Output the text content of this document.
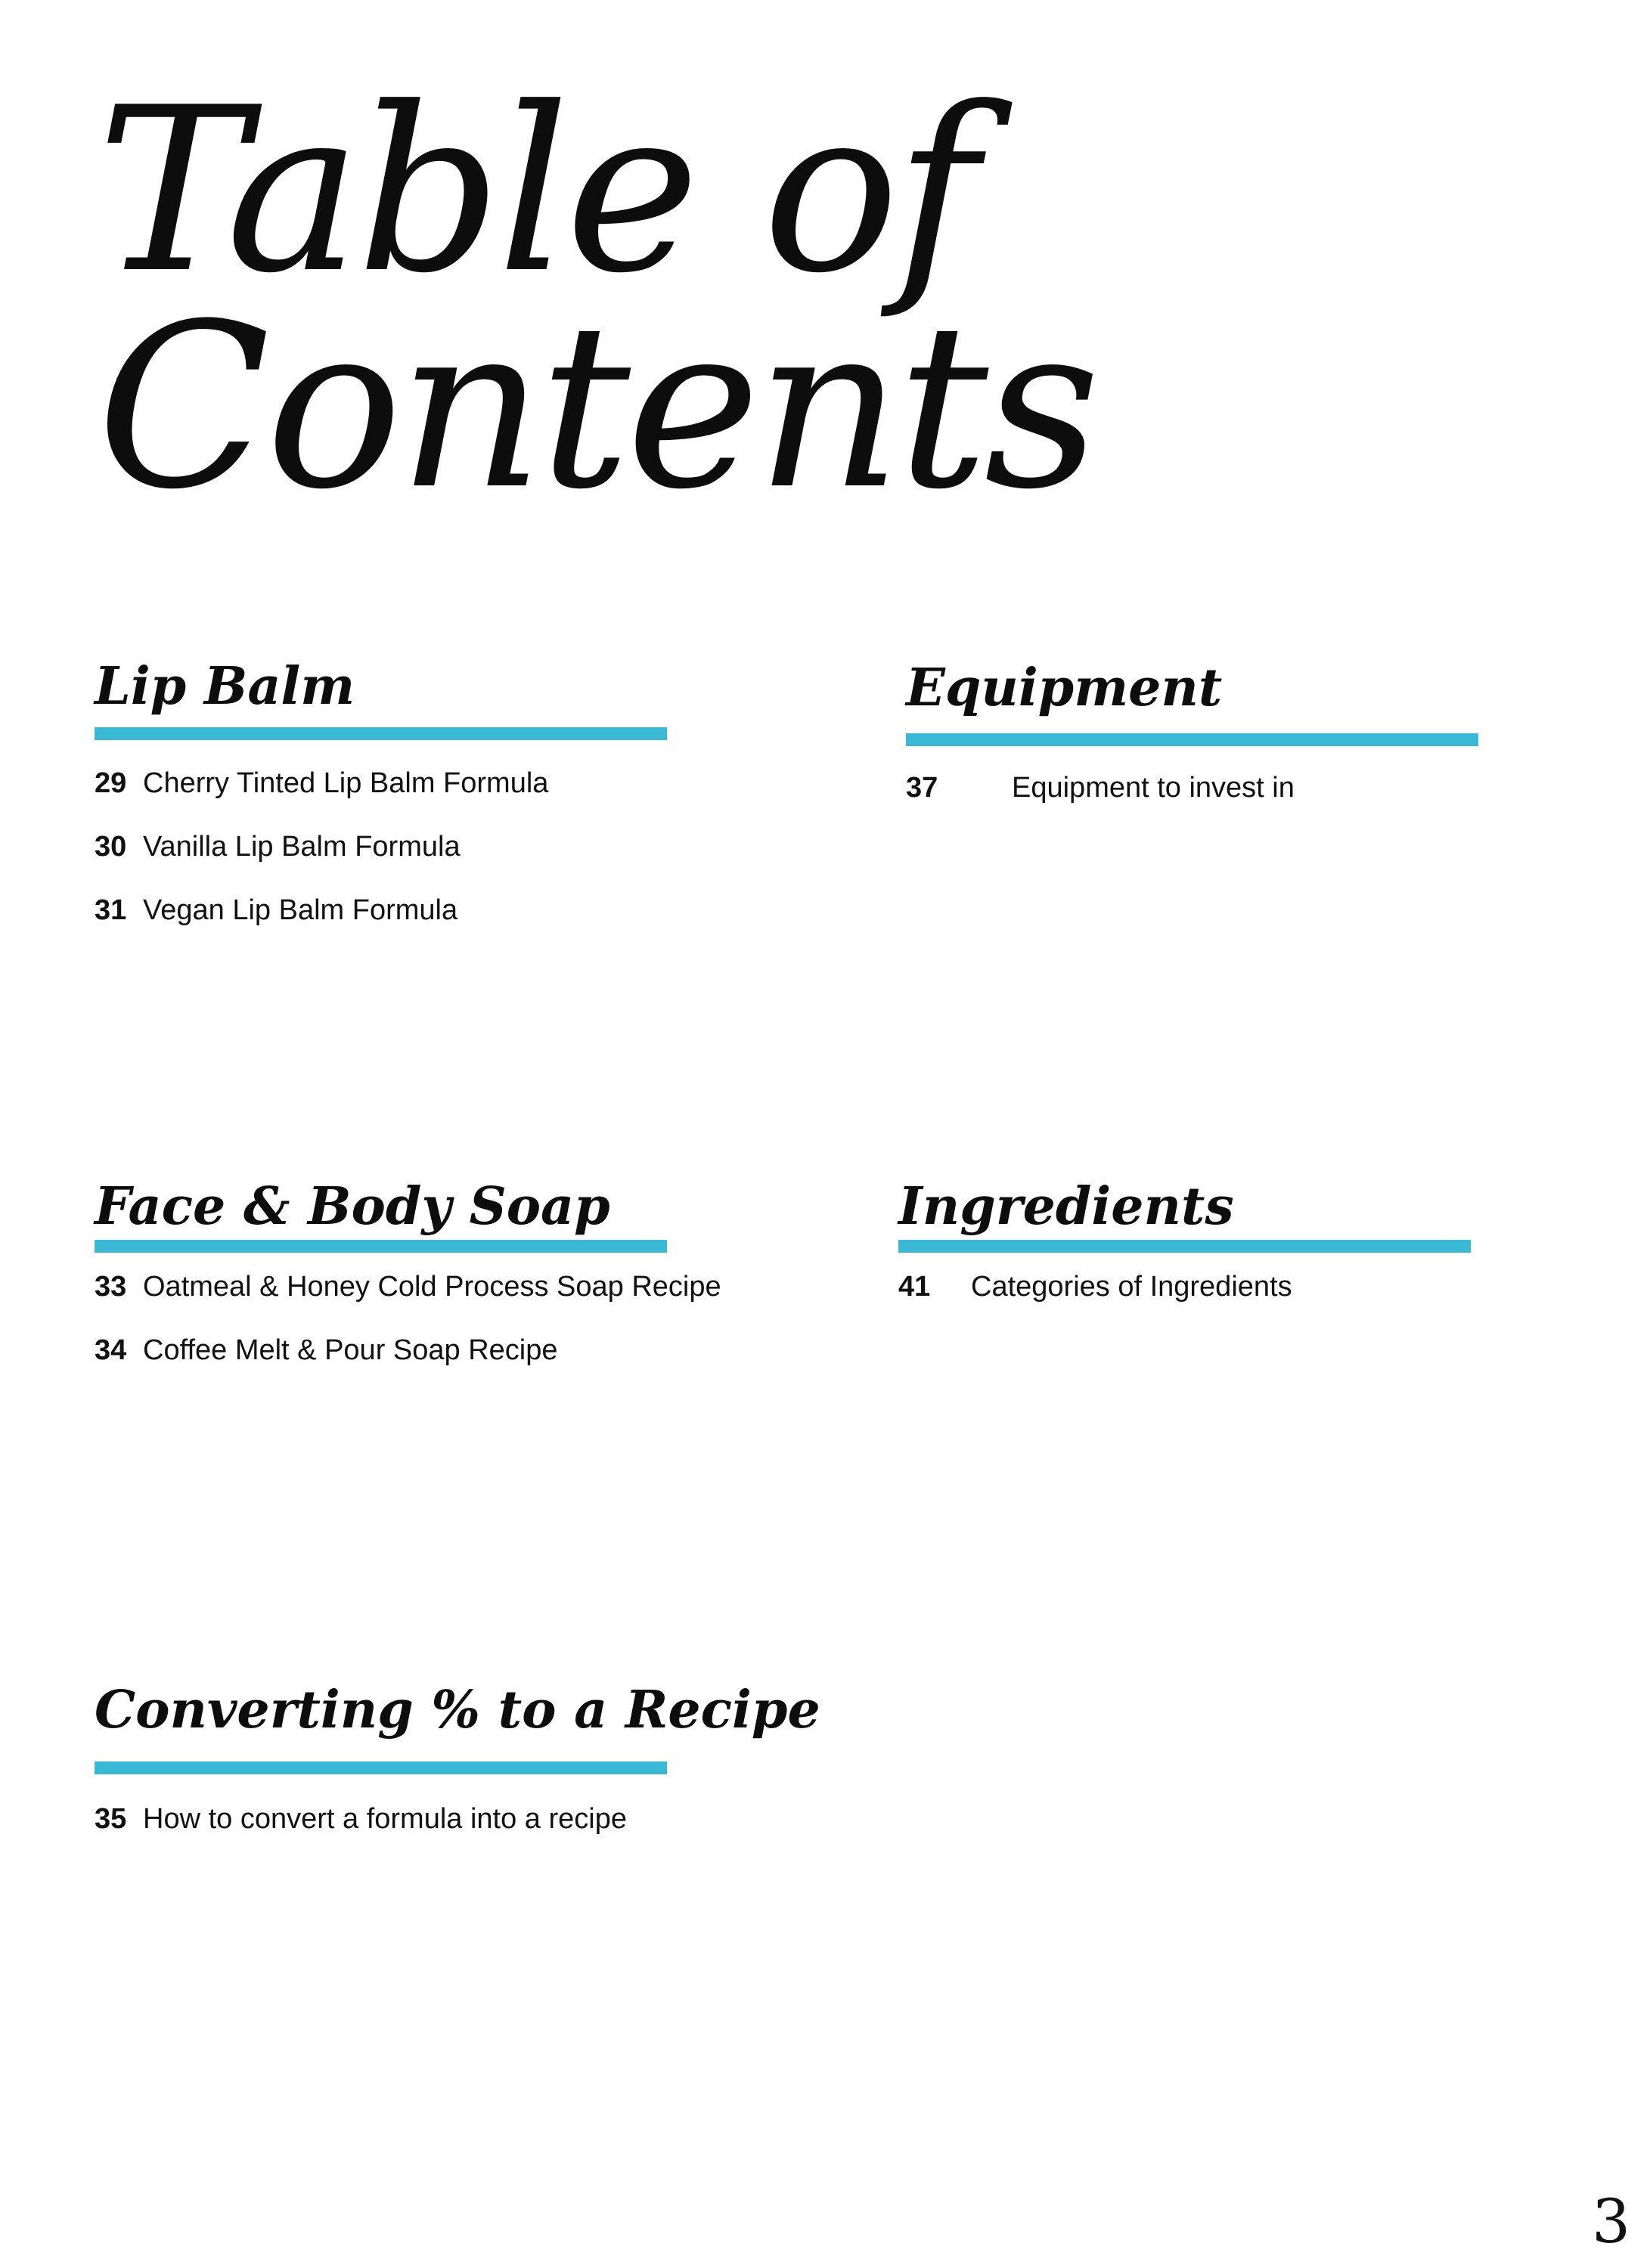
Table of
Contents
Lip Balm
29 Cherry Tinted Lip Balm Formula
30 Vanilla Lip Balm Formula
31 Vegan Lip Balm Formula
Equipment
37	Equipment to invest in
Face & Body Soap
33 Oatmeal & Honey Cold Process Soap Recipe
34 Coffee Melt & Pour Soap Recipe
Ingredients
41	Categories of Ingredients
Converting % to a Recipe
35 How to convert a formula into a recipe
3
